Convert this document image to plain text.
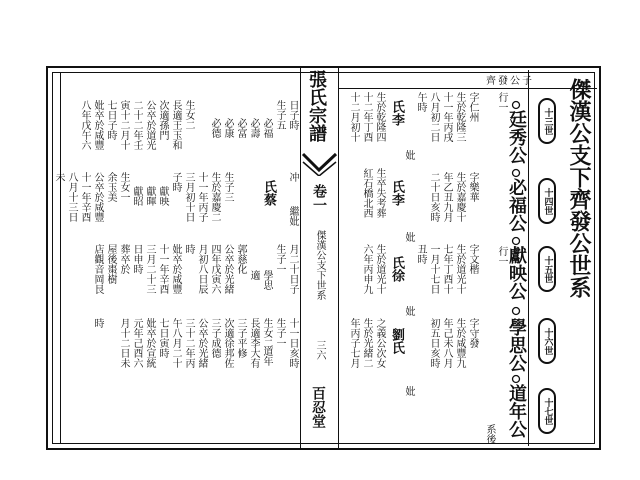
張氏宗譜
卷一
傑漢公支下世系
三六
百忍堂
齊發公子 傑漢公支下齊發公世系
十三世
十四世
十五世
十六世
十七世
行一
廷秀公
必福公
行一 獻映公
學思公
道年公
系後
字仁州
生於乾隆三
十一年丙戌
八月初二日
午時
字樂華
生於嘉慶十
年乙丑九月
二十日亥時
字文楷
生於道光十
七年丁酉十
一月十七日
丑時
字守發
生於咸豐九
年己未八月
初五日亥時
妣
妣
妣
妣
氏李
氏李
氏徐
劉氏
生於乾隆四
十二年丁酉
十二月初十
生卒失考葬
紅石橋北西
生於道光十
六年丙申九
之義公次女
生於光緒二
年丙子七月
日子時
生子五
必福
必壽
必富
必康
必德
生女二
長適王玉和
次適孫門
公卒於道光
二十二年壬
寅十二月十
七日子時
妣卒於咸豐
八年戊午六
冲
繼妣
月二十日子
十一日亥時
生子一
生子一
學思
生女二
道年
生子三
生於嘉慶二
十一年丙子
三月初十日
子時
獻映
獻暉
獻昭
生女一
余玉美
公卒於咸豐
十一年辛酉
八月十三日
未
適
郭慈化
公卒於光緒
四年戊寅六
月初八日辰
時
妣卒於咸豐
十一年辛酉
三月二十三
日申時
葬卒於
屋後棗樹
店觀音岡艮
長適李大有
三子平修
次適徐邦佐
三子成德
公卒於光緒
三十二年丙
午八月二十
七日寅時
妣卒於宣統
元年己酉六
月十二日未
時
氏蔡
